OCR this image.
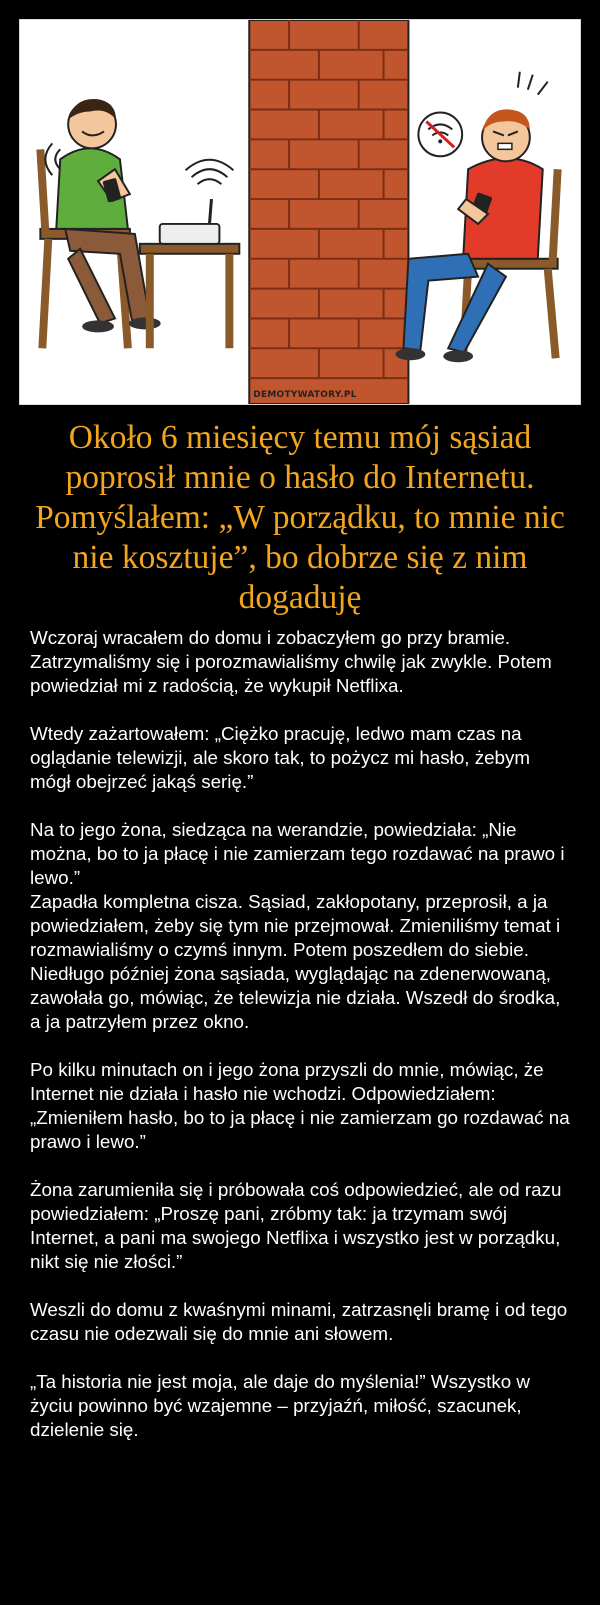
DEMOTYWATORY.PL
Około 6 miesięcy temu mój sąsiad poprosił mnie o hasło do Internetu. Pomyślałem: „W porządku, to mnie nic nie kosztuje”, bo dobrze się z nim dogaduję

Wczoraj wracałem do domu i zobaczyłem go przy bramie. Zatrzymaliśmy się i porozmawialiśmy chwilę jak zwykle. Potem powiedział mi z radością, że wykupił Netflixa.

Wtedy zażartowałem: „Ciężko pracuję, ledwo mam czas na oglądanie telewizji, ale skoro tak, to pożycz mi hasło, żebym mógł obejrzeć jakąś serię.”

Na to jego żona, siedząca na werandzie, powiedziała: „Nie można, bo to ja płacę i nie zamierzam tego rozdawać na prawo i lewo.”

Zapadła kompletna cisza. Sąsiad, zakłopotany, przeprosił, a ja powiedziałem, żeby się tym nie przejmował. Zmieniliśmy temat i rozmawialiśmy o czymś innym. Potem poszedłem do siebie.

Niedługo później żona sąsiada, wyglądając na zdenerwowaną, zawołała go, mówiąc, że telewizja nie działa. Wszedł do środka, a ja patrzyłem przez okno.

Po kilku minutach on i jego żona przyszli do mnie, mówiąc, że Internet nie działa i hasło nie wchodzi. Odpowiedziałem: „Zmieniłem hasło, bo to ja płacę i nie zamierzam go rozdawać na prawo i lewo.”

Żona zarumieniła się i próbowała coś odpowiedzieć, ale od razu powiedziałem: „Proszę pani, zróbmy tak: ja trzymam swój Internet, a pani ma swojego Netflixa i wszystko jest w porządku, nikt się nie złości.”

Weszli do domu z kwaśnymi minami, zatrzasnęli bramę i od tego czasu nie odezwali się do mnie ani słowem.

„Ta historia nie jest moja, ale daje do myślenia!” Wszystko w życiu powinno być wzajemne – przyjaźń, miłość, szacunek, dzielenie się.
